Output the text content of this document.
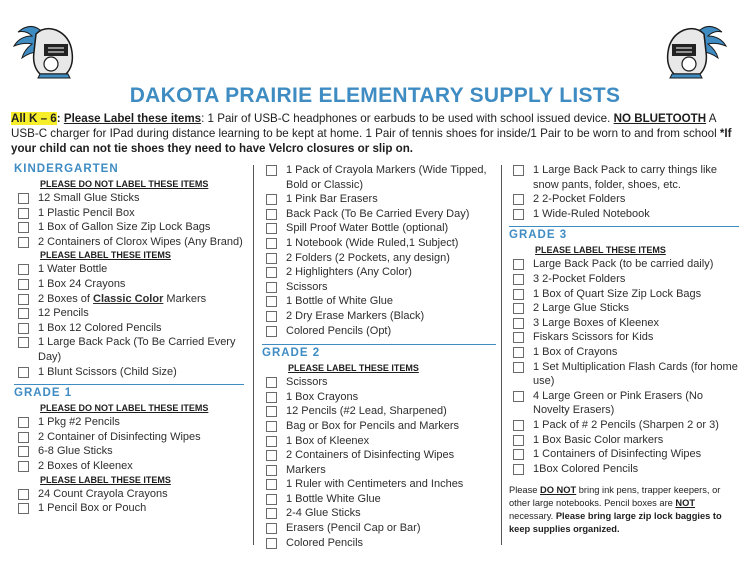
DAKOTA PRAIRIE ELEMENTARY SUPPLY LISTS
All K – 6: Please Label these items: 1 Pair of USB-C headphones or earbuds to be used with school issued device. NO BLUETOOTH A USB-C charger for IPad during distance learning to be kept at home. 1 Pair of tennis shoes for inside/1 Pair to be worn to and from school *If your child can not tie shoes they need to have Velcro closures or slip on.
KINDERGARTEN
PLEASE DO NOT LABEL THESE ITEMS
12 Small Glue Sticks
1 Plastic Pencil Box
1 Box of Gallon Size Zip Lock Bags
2 Containers of Clorox Wipes (Any Brand)
PLEASE LABEL THESE ITEMS
1 Water Bottle
1 Box 24 Crayons
2 Boxes of Classic Color Markers
12 Pencils
1 Box 12 Colored Pencils
1 Large Back Pack (To Be Carried Every Day)
1 Blunt Scissors (Child Size)
GRADE 1
PLEASE DO NOT LABEL THESE ITEMS
1 Pkg #2 Pencils
2 Container of Disinfecting Wipes
6-8 Glue Sticks
2 Boxes of Kleenex
PLEASE LABEL THESE ITEMS
24 Count Crayola Crayons
1 Pencil Box or Pouch
1 Pack of Crayola Markers (Wide Tipped, Bold or Classic)
1 Pink Bar Erasers
Back Pack (To Be Carried Every Day)
Spill Proof Water Bottle (optional)
1 Notebook (Wide Ruled,1 Subject)
2 Folders (2 Pockets, any design)
2 Highlighters (Any Color)
Scissors
1 Bottle of White Glue
2 Dry Erase Markers (Black)
Colored Pencils (Opt)
GRADE 2
PLEASE LABEL THESE ITEMS
Scissors
1 Box Crayons
12 Pencils (#2 Lead, Sharpened)
Bag or Box for Pencils and Markers
1 Box of Kleenex
2 Containers of Disinfecting Wipes
Markers
1 Ruler with Centimeters and Inches
1 Bottle White Glue
2-4 Glue Sticks
Erasers (Pencil Cap or Bar)
Colored Pencils
1 Large Back Pack to carry things like snow pants, folder, shoes, etc.
2 2-Pocket Folders
1 Wide-Ruled Notebook
GRADE 3
PLEASE LABEL THESE ITEMS
Large Back Pack (to be carried daily)
3 2-Pocket Folders
1 Box of Quart Size Zip Lock Bags
2 Large Glue Sticks
3 Large Boxes of Kleenex
Fiskars Scissors for Kids
1 Box of Crayons
1 Set Multiplication Flash Cards (for home use)
4 Large Green or Pink Erasers (No Novelty Erasers)
1 Pack of # 2 Pencils (Sharpen 2 or 3)
1 Box Basic Color markers
1 Containers of Disinfecting Wipes
1Box Colored Pencils
Please DO NOT bring ink pens, trapper keepers, or other large notebooks. Pencil boxes are NOT necessary. Please bring large zip lock baggies to keep supplies organized.
